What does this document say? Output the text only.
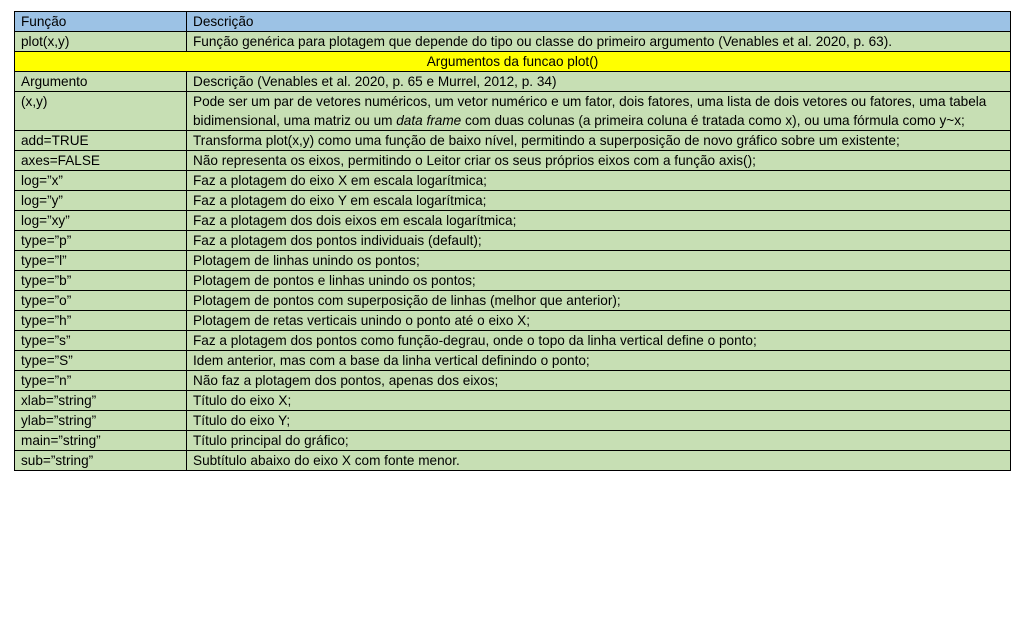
Função	Descrição
plot(x,y)	Função genérica para plotagem que depende do tipo ou classe do primeiro argumento (Venables et al. 2020, p. 63).
Argumentos da funcao plot()	
Argumento	Descrição (Venables et al. 2020, p. 65 e Murrel, 2012, p. 34)
(x,y)	Pode ser um par de vetores numéricos, um vetor numérico e um fator, dois fatores, uma lista de dois vetores ou fatores, uma tabela bidimensional, uma matriz ou um data frame com duas colunas (a primeira coluna é tratada como x), ou uma fórmula como y~x;
add=TRUE	Transforma plot(x,y) como uma função de baixo nível, permitindo a superposição de novo gráfico sobre um existente;
axes=FALSE	Não representa os eixos, permitindo o Leitor criar os seus próprios eixos com a função axis();
log=”x”	Faz a plotagem do eixo X em escala logarítmica;
log=”y”	Faz a plotagem do eixo Y em escala logarítmica;
log=”xy”	Faz a plotagem dos dois eixos em escala logarítmica;
type=”p”	Faz a plotagem dos pontos individuais (default);
type=”l”	Plotagem de linhas unindo os pontos;
type=”b”	Plotagem de pontos e linhas unindo os pontos;
type=”o”	Plotagem de pontos com superposição de linhas (melhor que anterior);
type=”h”	Plotagem de retas verticais unindo o ponto até o eixo X;
type=”s”	Faz a plotagem dos pontos como função-degrau, onde o topo da linha vertical define o ponto;
type=”S”	Idem anterior, mas com a base da linha vertical definindo o ponto;
type=”n”	Não faz a plotagem dos pontos, apenas dos eixos;
xlab=”string”	Título do eixo X;
ylab=”string”	Título do eixo Y;
main=”string”	Título principal do gráfico;
sub=”string”	Subtítulo abaixo do eixo X com fonte menor.
